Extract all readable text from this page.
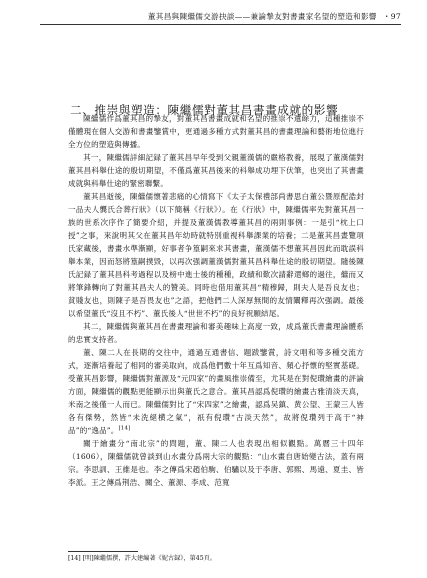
董其昌與陳繼儒交游抉談——兼論摯友對書畫家名望的塑造和影響 ・97
二、推崇與塑造：陳繼儒對董其昌書畫成就的影響

陳繼儒作爲董其昌的摯友，對董其昌書畫成就和名望的推崇不遺餘力，這種推崇不僅體現在個人交游和書畫鑒賞中，更通過多種方式對董其昌的書畫理論和藝術地位進行全方位的塑造與傳播。

其一，陳繼儒詳細記録了董其昌早年受到父親董漢儒的嚴格教養，展現了董漢儒對董其昌科舉仕途的殷切期望，不僅爲董其昌後來的科舉成功埋下伏筆，也突出了其書畫成就與科舉仕途的緊密聯繫。

董其昌逝後，陳繼儒懷著悲痛的心情寫下《太子太保禮部尚書思白董公暨原配誥封一品夫人龔氏合葬行狀》（以下簡稱《行狀》）。在《行狀》中，陳繼儒率先對董其昌一族的世系次序作了簡要介紹，并提及董漢儒教導董其昌的兩則事例：一是引“枕上口授”之事，來說明其父在董其昌年幼時就特別重視科舉課業的培養；二是董其昌晝覽項氏家藏後，書畫水準漸顯，好事者争篁嗣來求其書畫，董漢儒不想董其昌因此而耽誤科舉本業，因而怒將篁嗣撲毀，以再次强調董漢儒對董其昌科舉仕途的殷切期望。隨後陳氏記録了董其昌科考過程以及榜中進士後的種種，政績和歎次請辭還鄉的過往，繼而又將筆鋒轉向了對董其昌夫人的贊美。同時也借用董其昌“精穆歸，則夫人是吾良友也；貧賤友也，則陳子是吾畏友也”之語，把他們二人深厚無間的友情闡釋再次强調。最後以希望董氏“沒且不朽”、董氏後人“世世不朽”的良好祝願結尾。

其二，陳繼儒與董其昌在書畫理論和審美趣味上高度一致，成爲董氏書畫理論體系的忠實支持者。

董、陳二人在長期的交往中，通過互通書信、題跋鑒賞，詩文唱和等多種交流方式，逐漸培養起了相同的審美取向，成爲他們數十年互爲知音、頻心抒懷的堅實基礎。受董其昌影響，陳繼儒對董源及“元四家”的畫風推崇備至，尤其是在對倪瓚繪畫的評論方面，陳繼儒的觀點更能顯示出與董氏之意合。董其昌認爲倪瓚的繪畫古雅清淡天真，米南之後僅一人而已。陳繼儒對比了“宋四家”之繪畫，認爲吴鎮、黄公望、王蒙三人皆各有傑勢，然皆“未洗絕横之氣”，祇有倪瓚“古淡天然”，故將倪瓚列于高于“神品”的“逸品”。[14]

關于繪畫分“南北宗”的問題，董、陳二人也表現出相似觀點。萬曆三十四年（1606），陳繼儒就曾談到山水畫分爲兩大宗的觀點：“山水畫自唐始變古法，蓋有兩宗。李思訓、王維是也。李之傳爲宋趙伯駒、伯驌以及于李唐、郭熙、馬遠、夏圭、皆李派。王之傳爲荆浩、關仝、董源、李成、范寬

[14] [明]陳繼儒撰，許大建編著《妮古録》，第45頁。
